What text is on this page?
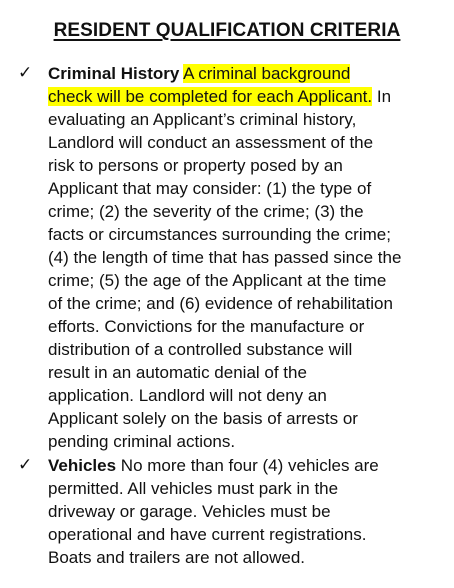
RESIDENT QUALIFICATION CRITERIA
✓ Criminal History A criminal background
check will be completed for each Applicant. In
evaluating an Applicant’s criminal history,
Landlord will conduct an assessment of the
risk to persons or property posed by an
Applicant that may consider: (1) the type of
crime; (2) the severity of the crime; (3) the
facts or circumstances surrounding the crime;
(4) the length of time that has passed since the
crime; (5) the age of the Applicant at the time
of the crime; and (6) evidence of rehabilitation
efforts. Convictions for the manufacture or
distribution of a controlled substance will
result in an automatic denial of the
application. Landlord will not deny an
Applicant solely on the basis of arrests or
pending criminal actions.
✓ Vehicles No more than four (4) vehicles are
permitted. All vehicles must park in the
driveway or garage. Vehicles must be
operational and have current registrations.
Boats and trailers are not allowed.
